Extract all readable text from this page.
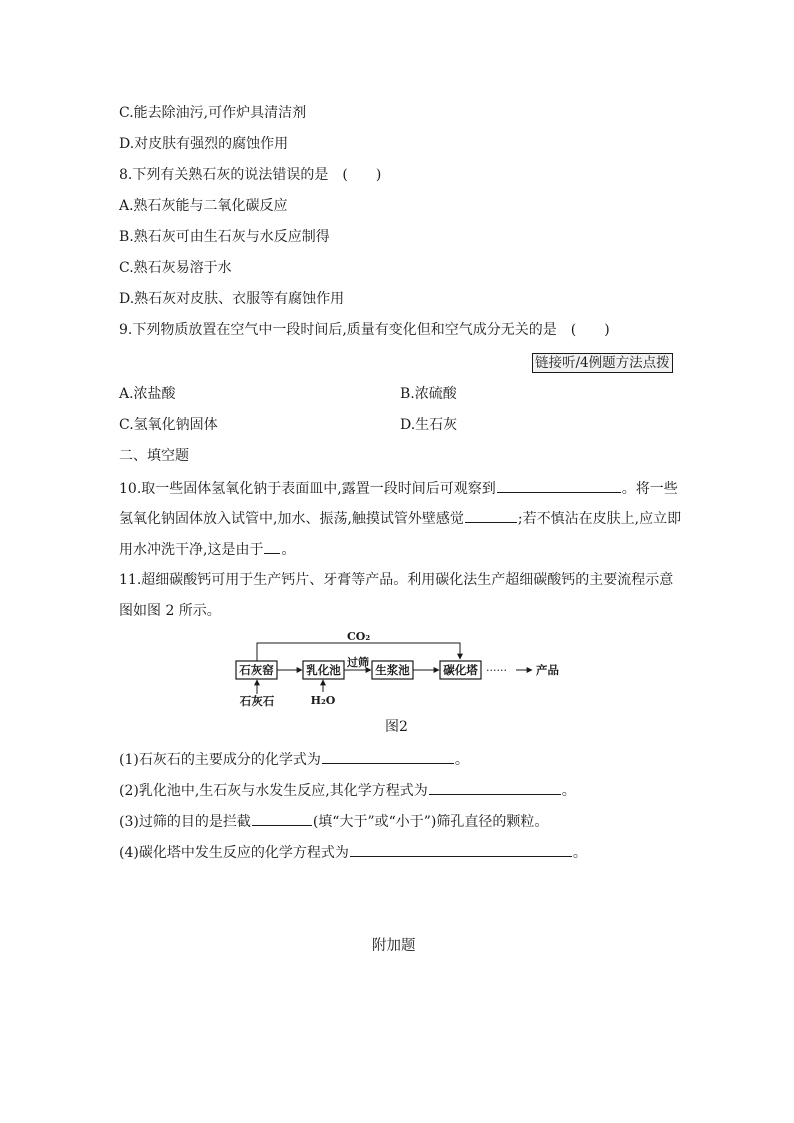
C.能去除油污,可作炉具清洁剂
D.对皮肤有强烈的腐蚀作用
8.下列有关熟石灰的说法错误的是　(　　)
A.熟石灰能与二氧化碳反应
B.熟石灰可由生石灰与水反应制得
C.熟石灰易溶于水
D.熟石灰对皮肤、衣服等有腐蚀作用
9.下列物质放置在空气中一段时间后,质量有变化但和空气成分无关的是　(　　)
链接听/4例题方法点拨
A.浓盐酸	B.浓硫酸
C.氢氧化钠固体	D.生石灰
二、填空题
10.取一些固体氢氧化钠于表面皿中,露置一段时间后可观察到	。将一些
氢氧化钠固体放入试管中,加水、振荡,触摸试管外壁感觉	;若不慎沾在皮肤上,应立即
用水冲洗干净,这是由于 。
11.超细碳酸钙可用于生产钙片、牙膏等产品。利用碳化法生产超细碳酸钙的主要流程示意
图如图 2 所示。
CO₂
石灰窑	乳化池	生浆池	碳化塔
过筛
······	产品
石灰石	H₂O
图2
(1)石灰石的主要成分的化学式为	。
(2)乳化池中,生石灰与水发生反应,其化学方程式为	。
(3)过筛的目的是拦截	(填“大于”或“小于”)筛孔直径的颗粒。
(4)碳化塔中发生反应的化学方程式为	。
附加题
